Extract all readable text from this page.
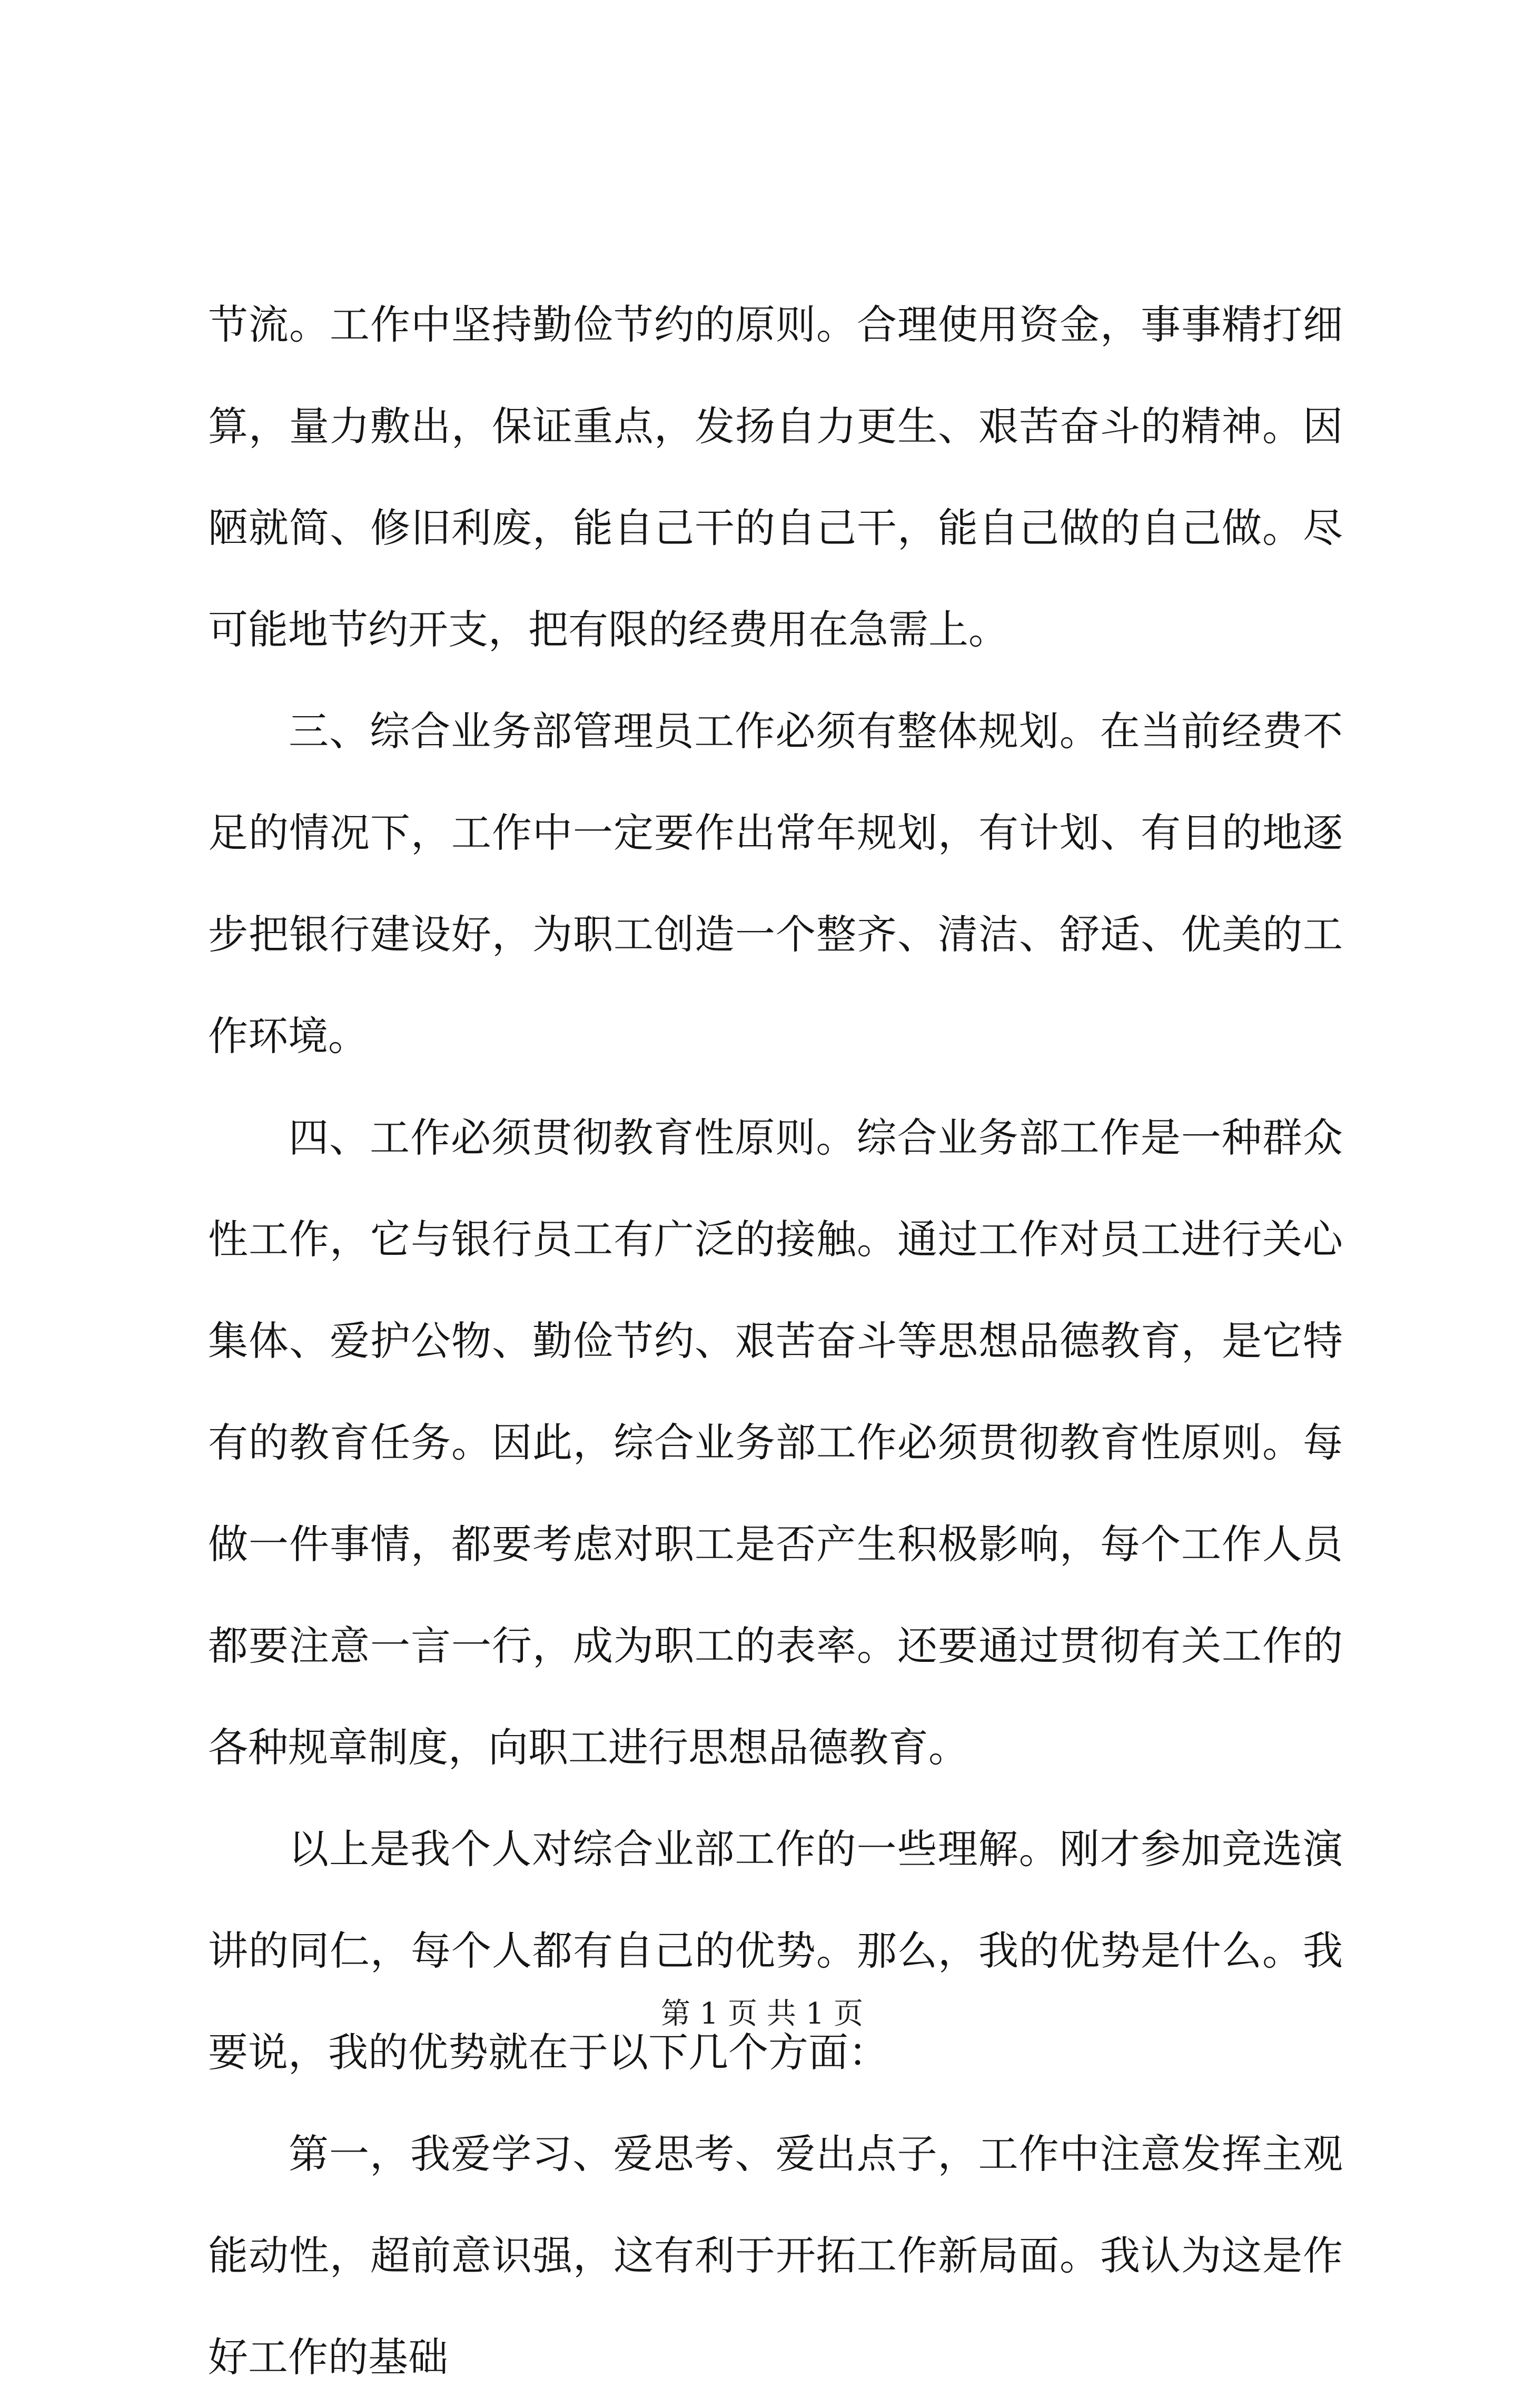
节流。工作中坚持勤俭节约的原则。合理使用资金，事事精打细
算，量力敷出，保证重点，发扬自力更生、艰苦奋斗的精神。因
陋就简、修旧利废，能自己干的自己干，能自己做的自己做。尽
可能地节约开支，把有限的经费用在急需上。
三、综合业务部管理员工作必须有整体规划。在当前经费不
足的情况下，工作中一定要作出常年规划，有计划、有目的地逐
步把银行建设好，为职工创造一个整齐、清洁、舒适、优美的工
作环境。
四、工作必须贯彻教育性原则。综合业务部工作是一种群众
性工作，它与银行员工有广泛的接触。通过工作对员工进行关心
集体、爱护公物、勤俭节约、艰苦奋斗等思想品德教育，是它特
有的教育任务。因此，综合业务部工作必须贯彻教育性原则。每
做一件事情，都要考虑对职工是否产生积极影响，每个工作人员
都要注意一言一行，成为职工的表率。还要通过贯彻有关工作的
各种规章制度，向职工进行思想品德教育。
以上是我个人对综合业部工作的一些理解。刚才参加竞选演
讲的同仁，每个人都有自己的优势。那么，我的优势是什么。我
要说，我的优势就在于以下几个方面：
第一，我爱学习、爱思考、爱出点子，工作中注意发挥主观
能动性，超前意识强，这有利于开拓工作新局面。我认为这是作
好工作的基础
第 1 页 共 1 页
